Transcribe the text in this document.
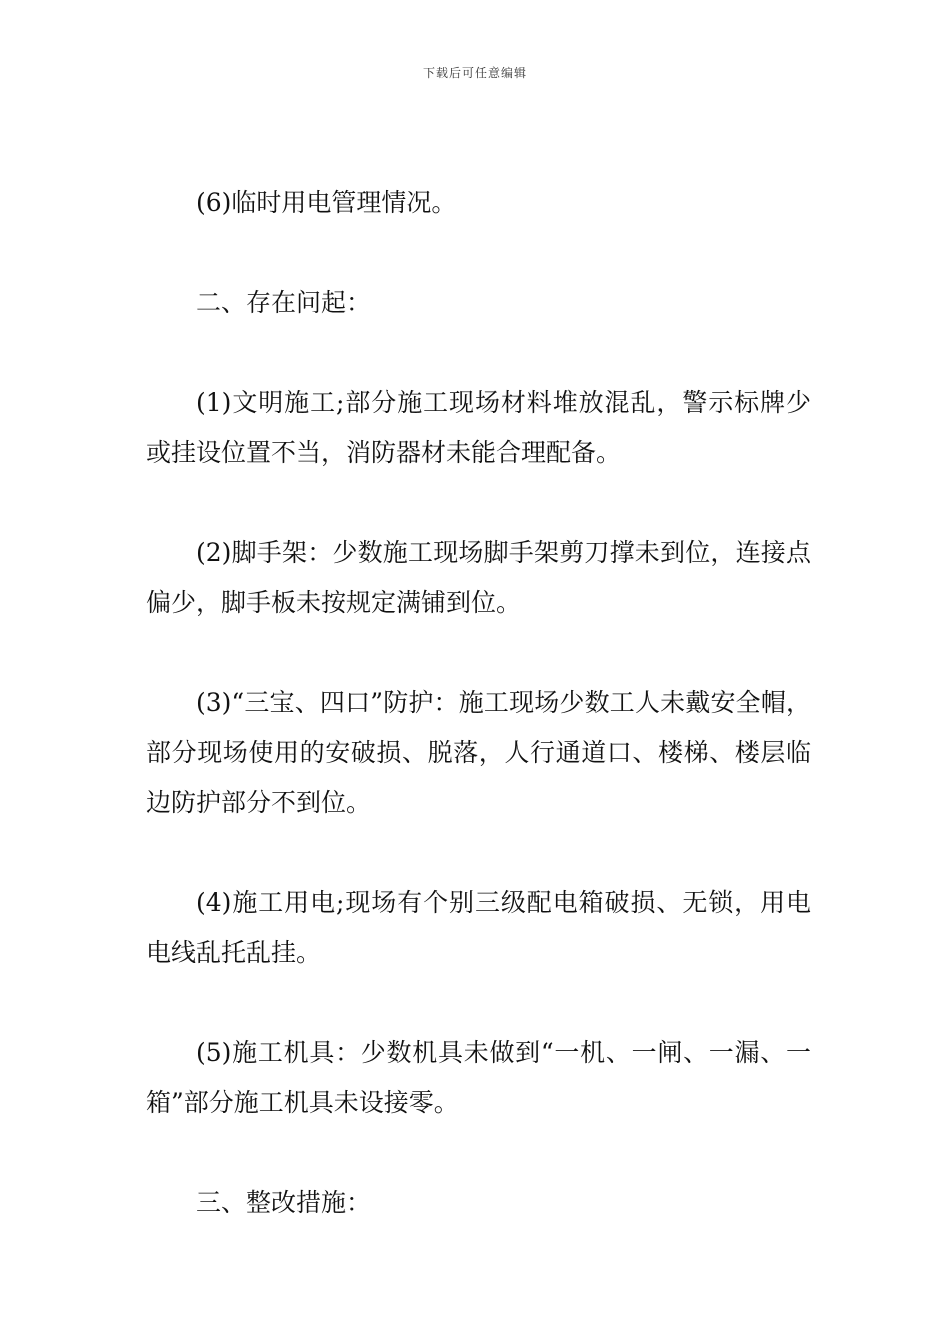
下载后可任意编辑

(6)临时用电管理情况。

二、存在问起：

(1)文明施工;部分施工现场材料堆放混乱，警示标牌少或挂设位置不当，消防器材未能合理配备。

(2)脚手架：少数施工现场脚手架剪刀撑未到位，连接点偏少，脚手板未按规定满铺到位。

(3)“三宝、四口”防护：施工现场少数工人未戴安全帽，部分现场使用的安破损、脱落，人行通道口、楼梯、楼层临边防护部分不到位。

(4)施工用电;现场有个别三级配电箱破损、无锁，用电电线乱托乱挂。

(5)施工机具：少数机具未做到“一机、一闸、一漏、一箱”部分施工机具未设接零。

三、整改措施：
